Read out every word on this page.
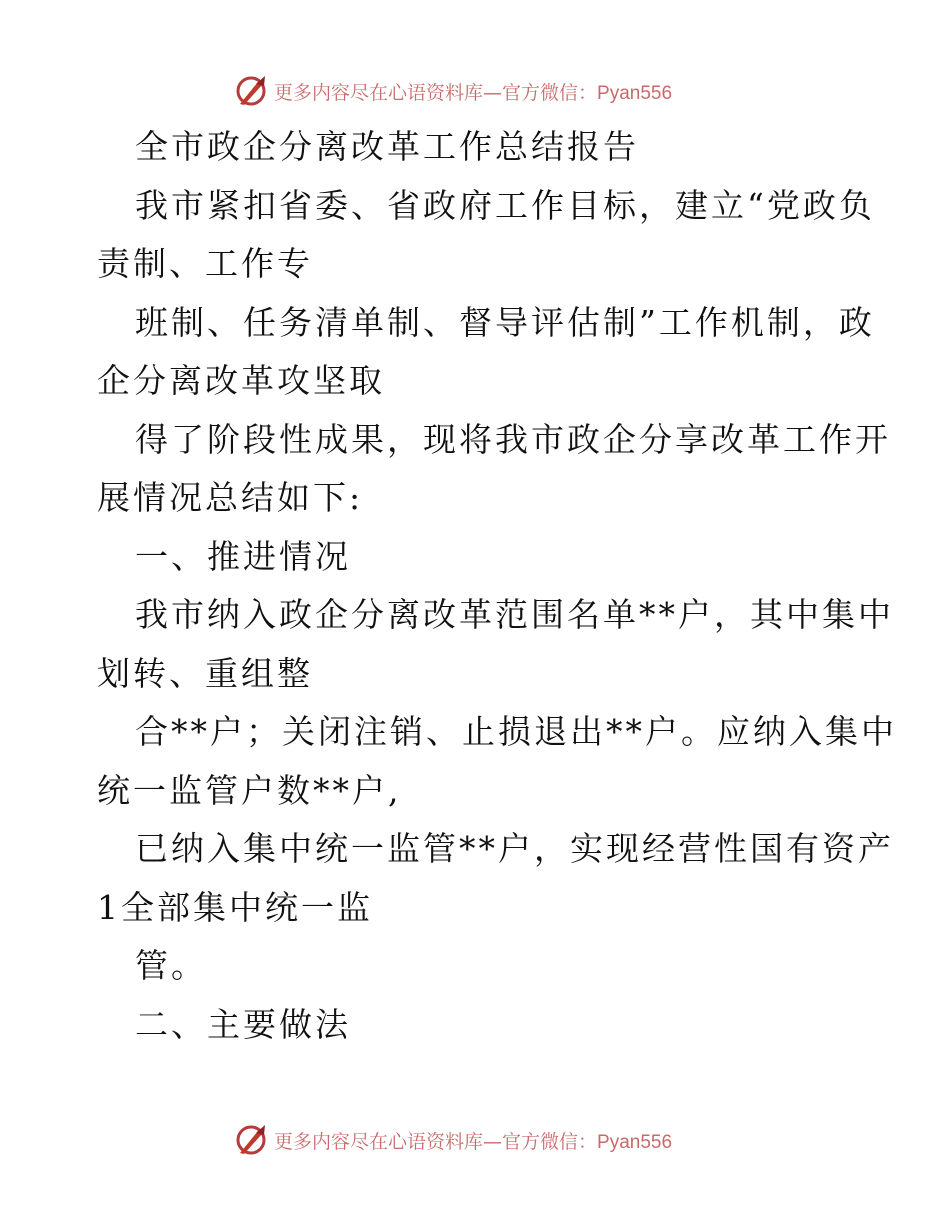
更多内容尽在心语资料库—官方微信：Pyan556
全市政企分离改革工作总结报告
我市紧扣省委、省政府工作目标，建立“党政负
责制、工作专
班制、任务清单制、督导评估制”工作机制，政
企分离改革攻坚取
得了阶段性成果，现将我市政企分享改革工作开
展情况总结如下:
一、推进情况
我市纳入政企分离改革范围名单**户，其中集中
划转、重组整
合**户；关闭注销、止损退出**户。应纳入集中
统一监管户数**户,
已纳入集中统一监管**户，实现经营性国有资产
1全部集中统一监
管。
二、主要做法
更多内容尽在心语资料库—官方微信：Pyan556
